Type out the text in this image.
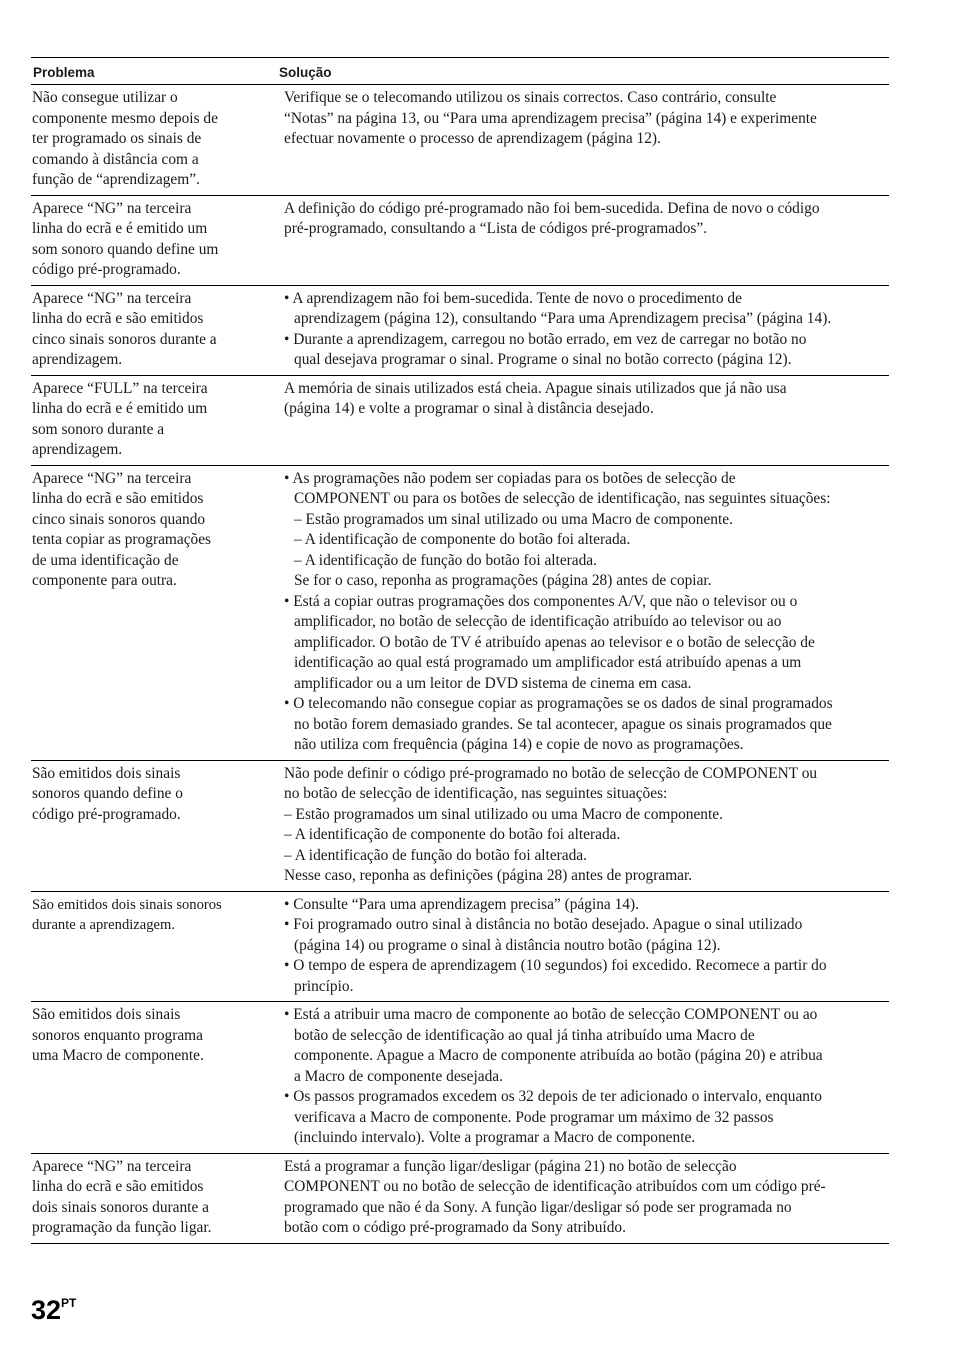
Problema	Solução
Não consegue utilizar o
componente mesmo depois de
ter programado os sinais de
comando à distância com a
função de “aprendizagem”.
Verifique se o telecomando utilizou os sinais correctos. Caso contrário, consulte
“Notas” na página 13, ou “Para uma aprendizagem precisa” (página 14) e experimente
efectuar novamente o processo de aprendizagem (página 12).
Aparece “NG” na terceira
linha do ecrã e é emitido um
som sonoro quando define um
código pré-programado.
A definição do código pré-programado não foi bem-sucedida. Defina de novo o código
pré-programado, consultando a “Lista de códigos pré-programados”.
Aparece “NG” na terceira
linha do ecrã e são emitidos
cinco sinais sonoros durante a
aprendizagem.
• A aprendizagem não foi bem-sucedida. Tente de novo o procedimento de
aprendizagem (página 12), consultando “Para uma Aprendizagem precisa” (página 14).
• Durante a aprendizagem, carregou no botão errado, em vez de carregar no botão no
qual desejava programar o sinal. Programe o sinal no botão correcto (página 12).
Aparece “FULL” na terceira
linha do ecrã e é emitido um
som sonoro durante a
aprendizagem.
A memória de sinais utilizados está cheia. Apague sinais utilizados que já não usa
(página 14) e volte a programar o sinal à distância desejado.
Aparece “NG” na terceira
linha do ecrã e são emitidos
cinco sinais sonoros quando
tenta copiar as programações
de uma identificação de
componente para outra.
• As programações não podem ser copiadas para os botões de selecção de
COMPONENT ou para os botões de selecção de identificação, nas seguintes situações:
– Estão programados um sinal utilizado ou uma Macro de componente.
– A identificação de componente do botão foi alterada.
– A identificação de função do botão foi alterada.
Se for o caso, reponha as programações (página 28) antes de copiar.
• Está a copiar outras programações dos componentes A/V, que não o televisor ou o
amplificador, no botão de selecção de identificação atribuído ao televisor ou ao
amplificador. O botão de TV é atribuído apenas ao televisor e o botão de selecção de
identificação ao qual está programado um amplificador está atribuído apenas a um
amplificador ou a um leitor de DVD sistema de cinema em casa.
• O telecomando não consegue copiar as programações se os dados de sinal programados
no botão forem demasiado grandes. Se tal acontecer, apague os sinais programados que
não utiliza com frequência (página 14) e copie de novo as programações.
São emitidos dois sinais
sonoros quando define o
código pré-programado.
Não pode definir o código pré-programado no botão de selecção de COMPONENT ou
no botão de selecção de identificação, nas seguintes situações:
– Estão programados um sinal utilizado ou uma Macro de componente.
– A identificação de componente do botão foi alterada.
– A identificação de função do botão foi alterada.
Nesse caso, reponha as definições (página 28) antes de programar.
São emitidos dois sinais sonoros
durante a aprendizagem.
• Consulte “Para uma aprendizagem precisa” (página 14).
• Foi programado outro sinal à distância no botão desejado. Apague o sinal utilizado
(página 14) ou programe o sinal à distância noutro botão (página 12).
• O tempo de espera de aprendizagem (10 segundos) foi excedido. Recomece a partir do
princípio.
São emitidos dois sinais
sonoros enquanto programa
uma Macro de componente.
• Está a atribuir uma macro de componente ao botão de selecção COMPONENT ou ao
botão de selecção de identificação ao qual já tinha atribuído uma Macro de
componente. Apague a Macro de componente atribuída ao botão (página 20) e atribua
a Macro de componente desejada.
• Os passos programados excedem os 32 depois de ter adicionado o intervalo, enquanto
verificava a Macro de componente. Pode programar um máximo de 32 passos
(incluindo intervalo). Volte a programar a Macro de componente.
Aparece “NG” na terceira
linha do ecrã e são emitidos
dois sinais sonoros durante a
programação da função ligar.
Está a programar a função ligar/desligar (página 21) no botão de selecção
COMPONENT ou no botão de selecção de identificação atribuídos com um código pré-
programado que não é da Sony. A função ligar/desligar só pode ser programada no
botão com o código pré-programado da Sony atribuído.
$32^{PT}$
